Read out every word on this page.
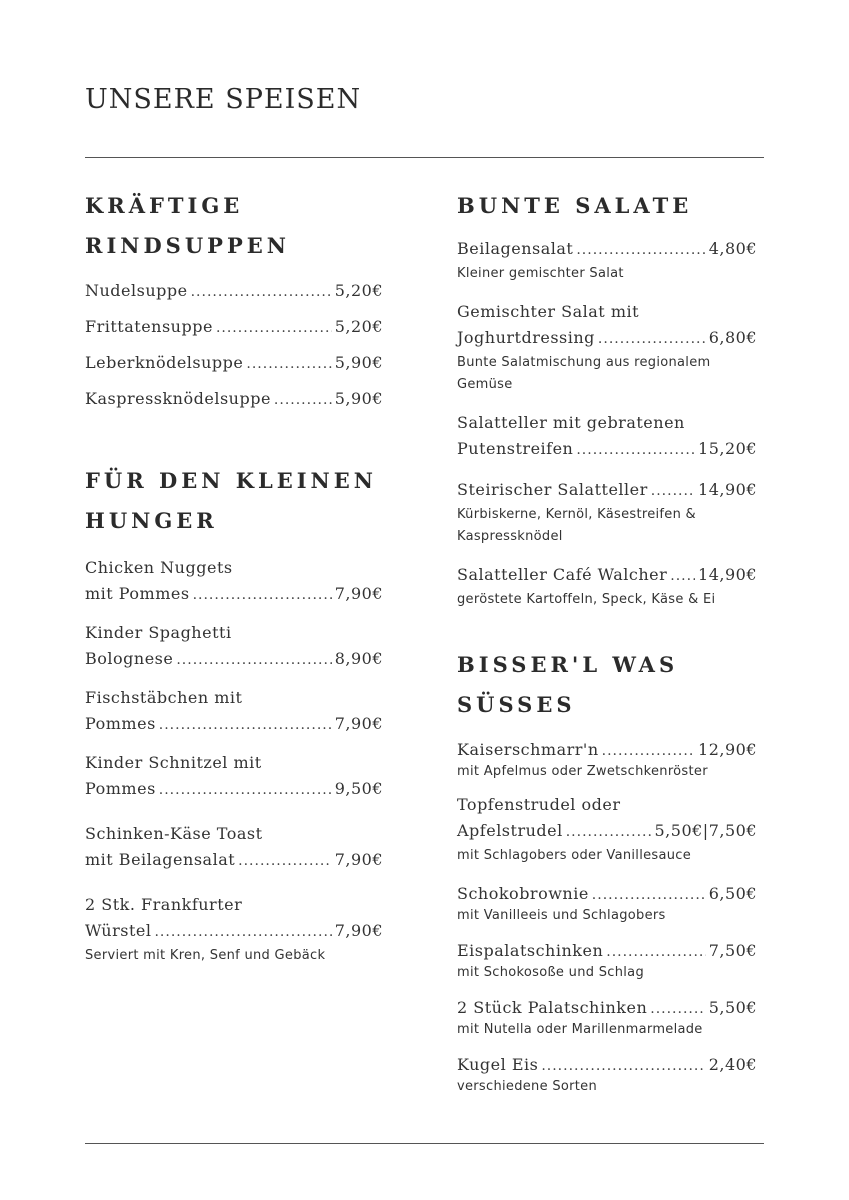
UNSERE SPEISEN
KRÄFTIGE
RINDSUPPEN
Nudelsuppe .....	5,20€
Frittatensuppe .....	5,20€
Leberknödelsuppe .....	5,90€
Kaspressknödelsuppe .....	5,90€
FÜR DEN KLEINEN
HUNGER
Chicken Nuggets
mit Pommes .....	7,90€
Kinder Spaghetti
Bolognese .....	8,90€
Fischstäbchen mit
Pommes .....	7,90€
Kinder Schnitzel mit
Pommes .....	9,50€
Schinken-Käse Toast
mit Beilagensalat .....	7,90€
2 Stk. Frankfurter
Würstel .....	7,90€
Serviert mit Kren, Senf und Gebäck
BUNTE SALATE
Beilagensalat .....	4,80€
Kleiner gemischter Salat
Gemischter Salat mit
Joghurtdressing .....	6,80€
Bunte Salatmischung aus regionalem
Gemüse
Salatteller mit gebratenen
Putenstreifen .....	15,20€
Steirischer Salatteller .....	14,90€
Kürbiskerne, Kernöl, Käsestreifen &
Kaspressknödel
Salatteller Café Walcher ..... 14,90€
geröstete Kartoffeln, Speck, Käse & Ei
BISSER'L WAS
SÜSSES
Kaiserschmarr'n .....	12,90€
mit Apfelmus oder Zwetschkenröster
Topfenstrudel oder
Apfelstrudel .....	5,50€|7,50€
mit Schlagobers oder Vanillesauce
Schokobrownie .....	6,50€
mit Vanilleeis und Schlagobers
Eispalatschinken .....	7,50€
mit Schokosoße und Schlag
2 Stück Palatschinken .....	5,50€
mit Nutella oder Marillenmarmelade
Kugel Eis .....	2,40€
verschiedene Sorten
